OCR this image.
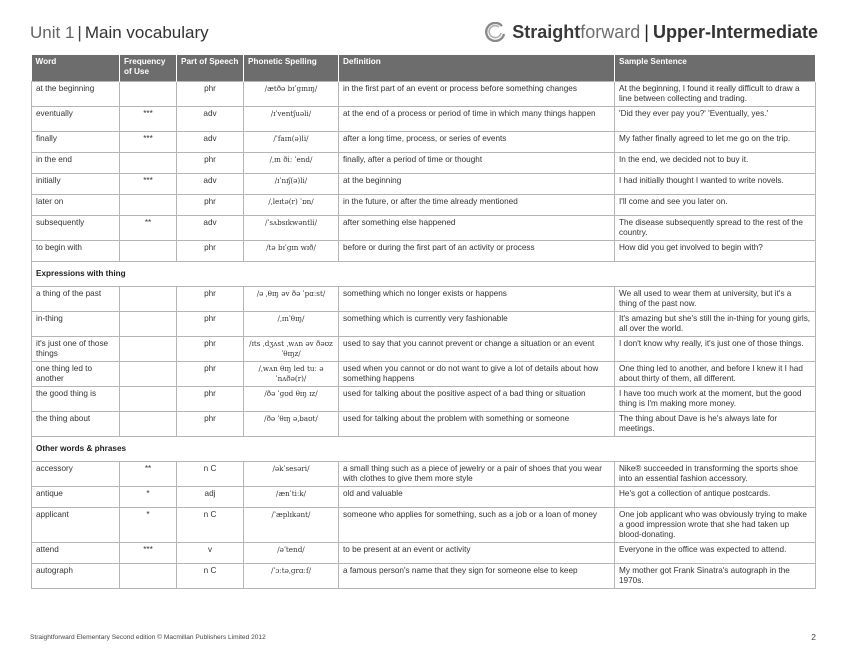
Unit 1 | Main vocabulary	Straightforward | Upper-Intermediate
Word	Frequency of Use	Part of Speech	Phonetic Spelling	Definition	Sample Sentence
at the beginning		phr	/ætðə bɪˈɡɪnɪŋ/	in the first part of an event or process before something changes	At the beginning, I found it really difficult to draw a line between collecting and trading.
eventually	***	adv	/ɪˈventʃuəli/	at the end of a process or period of time in which many things happen	'Did they ever pay you?' 'Eventually, yes.'
finally	***	adv	/ˈfaɪn(ə)li/	after a long time, process, or series of events	My father finally agreed to let me go on the trip.
in the end		phr	/ˌɪn ðiː ˈend/	finally, after a period of time or thought	In the end, we decided not to buy it.
initially	***	adv	/ɪˈnɪʃ(ə)li/	at the beginning	I had initially thought I wanted to write novels.
later on		phr	/ˌleɪtə(r) ˈɒn/	in the future, or after the time already mentioned	I'll come and see you later on.
subsequently	**	adv	/ˈsʌbsɪkwəntli/	after something else happened	The disease subsequently spread to the rest of the country.
to begin with		phr	/tə bɪˈɡɪn wɪð/	before or during the first part of an activity or process	How did you get involved to begin with?
Expressions with thing					
a thing of the past		phr	/ə ˌθɪŋ əv ðə ˈpɑːst/	something which no longer exists or happens	We all used to wear them at university, but it's a thing of the past now.
in-thing		phr	/ˌɪnˈθɪŋ/	something which is currently very fashionable	It's amazing but she's still the in-thing for young girls, all over the world.
it's just one of those things		phr	/ɪts ˌdʒʌst ˌwʌn əv ðəʊz ˈθɪŋz/	used to say that you cannot prevent or change a situation or an event	I don't know why really, it's just one of those things.
one thing led to another		phr	/ˌwʌn θɪŋ led tuː əˈnʌðə(r)/	used when you cannot or do not want to give a lot of details about how something happens	One thing led to another, and before I knew it I had about thirty of them, all different.
the good thing is		phr	/ðə ˈɡʊd θɪŋ ɪz/	used for talking about the positive aspect of a bad thing or situation	I have too much work at the moment, but the good thing is I'm making more money.
the thing about		phr	/ðə ˈθɪŋ əˌbaʊt/	used for talking about the problem with something or someone	The thing about Dave is he's always late for meetings.
Other words & phrases					
accessory	**	n C	/əkˈsesəri/	a small thing such as a piece of jewelry or a pair of shoes that you wear with clothes to give them more style	Nike® succeeded in transforming the sports shoe into an essential fashion accessory.
antique	*	adj	/ænˈtiːk/	old and valuable	He's got a collection of antique postcards.
applicant	*	n C	/ˈæplɪkənt/	someone who applies for something, such as a job or a loan of money	One job applicant who was obviously trying to make a good impression wrote that she had taken up blood-donating.
attend	***	v	/əˈtend/	to be present at an event or activity	Everyone in the office was expected to attend.
autograph		n C	/ˈɔːtəˌɡrɑːf/	a famous person's name that they sign for someone else to keep	My mother got Frank Sinatra's autograph in the 1970s.
Straightforward Elementary Second edition © Macmillan Publishers Limited 2012	2
